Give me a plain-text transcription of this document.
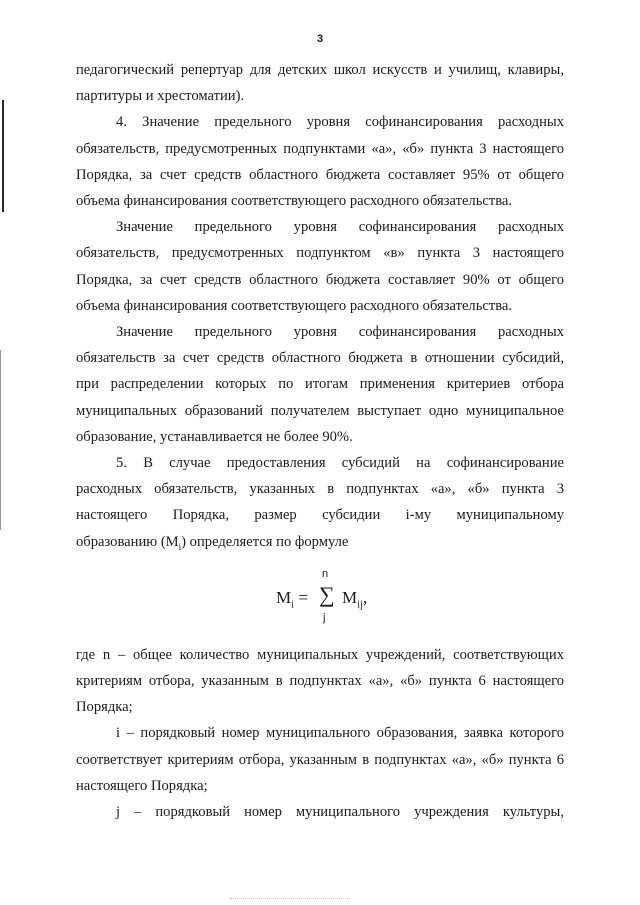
3

педагогический репертуар для детских школ искусств и училищ, клавиры,

партитуры и хрестоматии).

4. Значение предельного уровня софинансирования расходных

обязательств, предусмотренных подпунктами «а», «б» пункта 3 настоящего

Порядка, за счет средств областного бюджета составляет 95% от общего

объема финансирования соответствующего расходного обязательства.

Значение предельного уровня софинансирования расходных

обязательств, предусмотренных подпунктом «в» пункта 3 настоящего

Порядка, за счет средств областного бюджета составляет 90% от общего

объема финансирования соответствующего расходного обязательства.

Значение предельного уровня софинансирования расходных

обязательств за счет средств областного бюджета в отношении субсидий,

при распределении которых по итогам применения критериев отбора

муниципальных образований получателем выступает одно муниципальное

образование, устанавливается не более 90%.

5. В случае предоставления субсидий на софинансирование

расходных обязательств, указанных в подпунктах «а», «б» пункта 3

настоящего Порядка, размер субсидии i-му муниципальному

образованию $(M_i)$ определяется по формуле

$M_i$ =
n
∑
j
$M_{ij}$,

где n – общее количество муниципальных учреждений, соответствующих

критериям отбора, указанным в подпунктах «а», «б» пункта 6 настоящего

Порядка;

i – порядковый номер муниципального образования, заявка которого

соответствует критериям отбора, указанным в подпунктах «а», «б» пункта 6

настоящего Порядка;

j – порядковый номер муниципального учреждения культуры,
